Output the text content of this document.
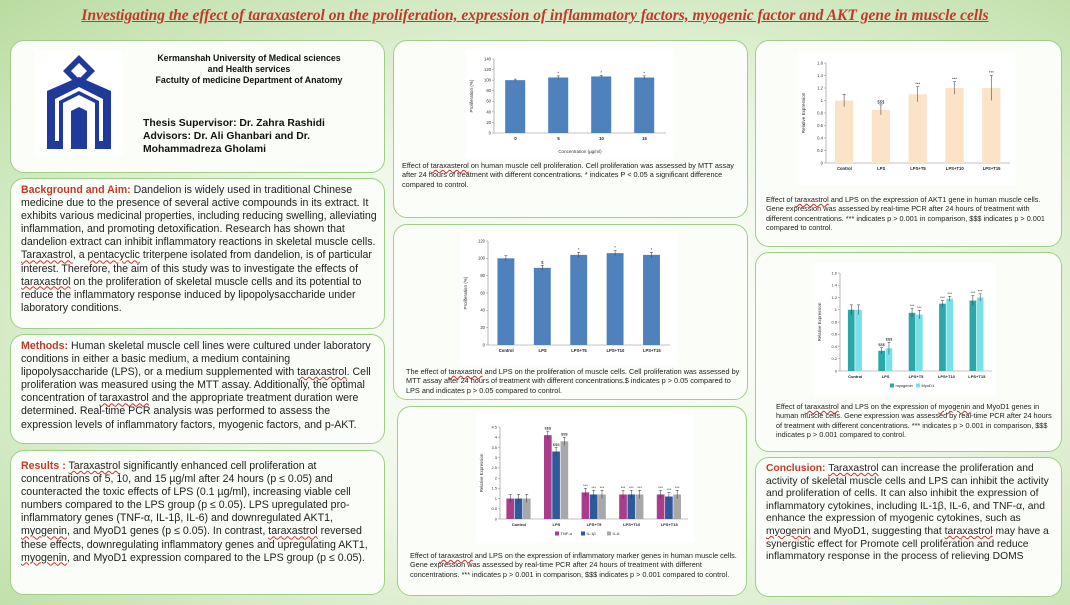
Investigating the effect of taraxasterol on the proliferation, expression of inflammatory factors, myogenic factor and AKT gene in muscle cells
Kermanshah University of Medical sciences
and Health services
Factulty of medicine Department of Anatomy
Thesis Supervisor: Dr. Zahra Rashidi
Advisors: Dr. Ali Ghanbari and Dr.
Mohammadreza Gholami
Background and Aim: Dandelion is widely used in traditional Chinese medicine due to the presence of several active compounds in its extract. It exhibits various medicinal properties, including reducing swelling, alleviating inflammation, and promoting detoxification. Research has shown that dandelion extract can inhibit inflammatory reactions in skeletal muscle cells. Taraxastrol, a pentacyclic triterpene isolated from dandelion, is of particular interest. Therefore, the aim of this study was to investigate the effects of taraxastrol on the proliferation of skeletal muscle cells and its potential to reduce the inflammatory response induced by lipopolysaccharide under laboratory conditions.
Methods: Human skeletal muscle cell lines were cultured under laboratory conditions in either a basic medium, a medium containing lipopolysaccharide (LPS), or a medium supplemented with taraxastrol. Cell proliferation was measured using the MTT assay. Additionally, the optimal concentration of taraxastrol and the appropriate treatment duration were determined. Real-time PCR analysis was performed to assess the expression levels of inflammatory factors, myogenic factors, and p-AKT.
Results : Taraxastrol significantly enhanced cell proliferation at concentrations of 5, 10, and 15 µg/ml after 24 hours (p ≤ 0.05) and counteracted the toxic effects of LPS (0.1 µg/ml), increasing viable cell numbers compared to the LPS group (p ≤ 0.05). LPS upregulated pro-inflammatory genes (TNF-α, IL-1β, IL-6) and downregulated AKT1, myogenin, and MyoD1 genes (p ≤ 0.05). In contrast, taraxastrol reversed these effects, downregulating inflammatory genes and upregulating AKT1, myogenin, and MyoD1 expression compared to the LPS group (p ≤ 0.05).
Proliferation (%)
0
20
40
60
80
100
120
140
0	5
*
10
*
15
*
Concentration (µg/ml)
Effect of taraxasterol on human muscle cell proliferation. Cell proliferation was assessed by MTT assay after 24 hours of treatment with different concentrations. * indicates P < 0.05 a significant difference compared to control.
Proliferation (%)
0
20
40
60
80
100
120
Control	LPS
$
LPS+T5
*
LPS+T10
*
LPS+T15
*
The effect of taraxastrol and LPS on the proliferation of muscle cells. Cell proliferation was assessed by MTT assay after 24 hours of treatment with different concentrations.$ indicates p > 0.05 compared to LPS and indicates p > 0.05 compared to control.
Relative Expression
0
0.5
1
1.5
2
2.5
3
3.5
4
4.5
Control	LPS
$$$
$$$
$$$
LPS+T5
*** *** ***
LPS+T10
*** *** ***
LPS+T15
*** *** ***
TNF-α	IL-1β	IL-6
Effect of taraxastrol and LPS on the expression of inflammatory marker genes in human muscle cells. Gene expression was assessed by real-time PCR after 24 hours of treatment with different concentrations. *** indicates p > 0.001 in comparison, $$$ indicates p > 0.001 compared to control.
Relative Expression
0
0.2
0.4
0.6
0.8
1
1.2
1.4
1.6
Control	LPS
$$$
LPS+T5
***
LPS+T10
***
LPS+T15
***
Effect of taraxastrol and LPS on the expression of AKT1 gene in human muscle cells. Gene expression was assessed by real-time PCR after 24 hours of treatment with different concentrations. *** indicates p > 0.001 in comparison, $$$ indicates p > 0.001 compared to control.
Relative Expression
0
0.2
0.4
0.6
0.8
1
1.2
1.4
1.6
Control	LPS
$$$
$$$
LPS+T5
*** ***
LPS+T10
***
***
LPS+T15
*** ***
myogenin MyoD1
Effect of taraxastrol and LPS on the expression of myogenin and MyoD1 genes in human muscle cells. Gene expression was assessed by real-time PCR after 24 hours of treatment with different concentrations. *** indicates p > 0.001 in comparison, $$$ indicates p > 0.001 compared to control.
Conclusion: Taraxastrol can increase the proliferation and activity of skeletal muscle cells and LPS can inhibit the activity and proliferation of cells. It can also inhibit the expression of inflammatory cytokines, including IL-1β, IL-6, and TNF-α, and enhance the expression of myogenic cytokines, such as myogenin and MyoD1, suggesting that taraxastrol may have a synergistic effect for Promote cell proliferation and reduce inflammatory response in the process of relieving DOMS
